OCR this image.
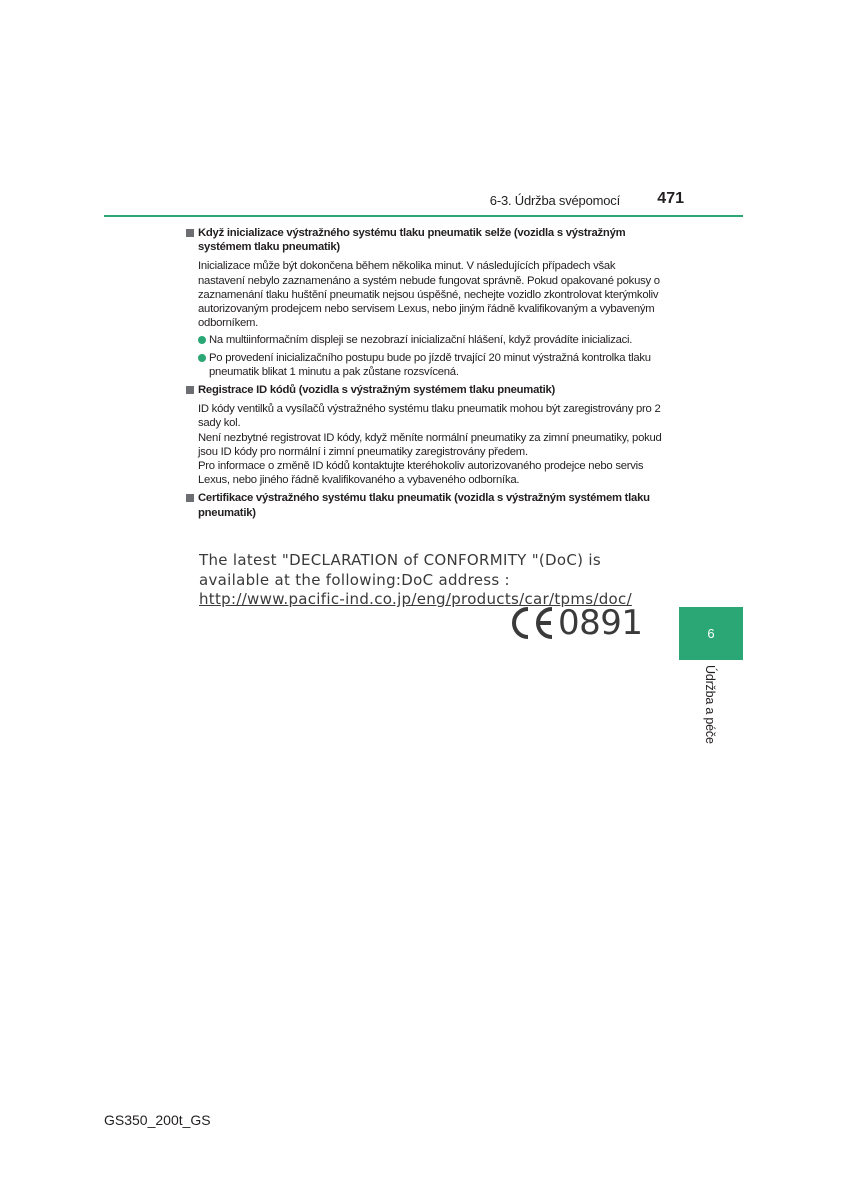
6-3. Údržba svépomocí	471
Když inicializace výstražného systému tlaku pneumatik selže (vozidla s výstražným systémem tlaku pneumatik)

Inicializace může být dokončena během několika minut. V následujících případech však nastavení nebylo zaznamenáno a systém nebude fungovat správně. Pokud opakované pokusy o zaznamenání tlaku huštění pneumatik nejsou úspěšné, nechejte vozidlo zkontrolovat kterýmkoliv autorizovaným prodejcem nebo servisem Lexus, nebo jiným řádně kvalifikovaným a vybaveným odborníkem.

Na multiinformačním displeji se nezobrazí inicializační hlášení, když provádíte inicializaci.
Po provedení inicializačního postupu bude po jízdě trvající 20 minut výstražná kontrolka tlaku pneumatik blikat 1 minutu a pak zůstane rozsvícená.
Registrace ID kódů (vozidla s výstražným systémem tlaku pneumatik)

ID kódy ventilků a vysílačů výstražného systému tlaku pneumatik mohou být zaregistrovány pro 2 sady kol.

Není nezbytné registrovat ID kódy, když měníte normální pneumatiky za zimní pneumatiky, pokud jsou ID kódy pro normální i zimní pneumatiky zaregistrovány předem.

Pro informace o změně ID kódů kontaktujte kteréhokoliv autorizovaného prodejce nebo servis Lexus, nebo jiného řádně kvalifikovaného a vybaveného odborníka.

Certifikace výstražného systému tlaku pneumatik (vozidla s výstražným systémem tlaku pneumatik)
The latest "DECLARATION of CONFORMITY "(DoC) is
available at the following:DoC address :
http://www.pacific-ind.co.jp/eng/products/car/tpms/doc/
0891	6
Údržba a péče
GS350_200t_GS
